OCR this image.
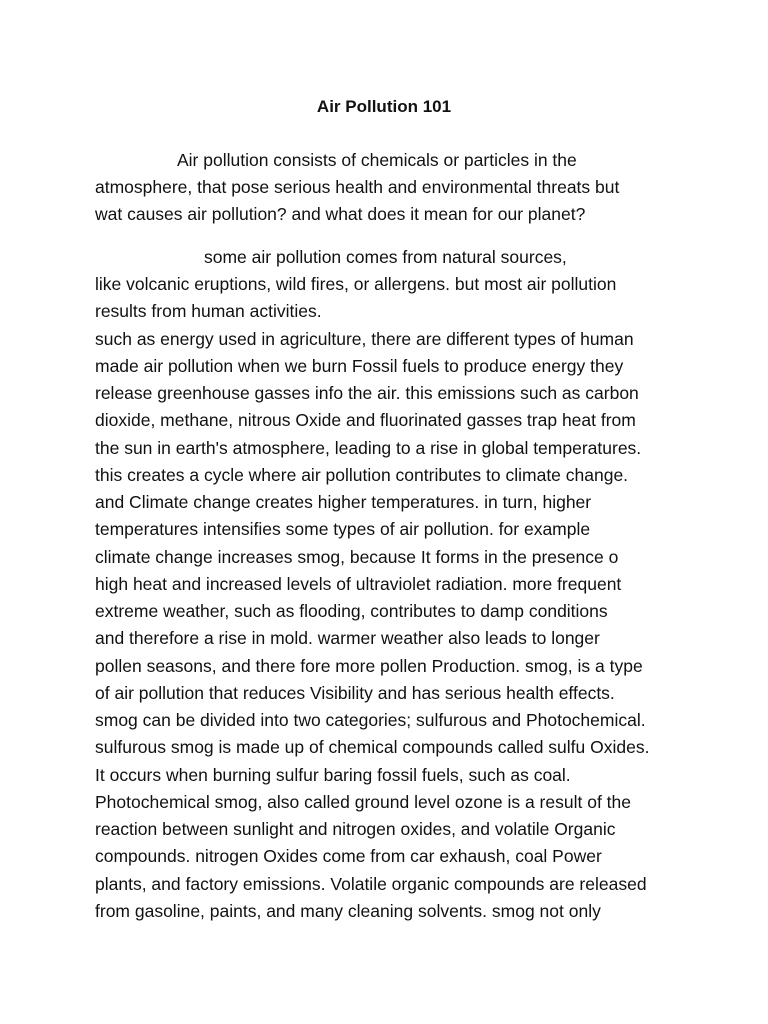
Air Pollution 101
Air pollution consists of chemicals or particles in the
atmosphere, that pose serious health and environmental threats but
wat causes air pollution? and what does it mean for our planet?
some air pollution comes from natural sources,
like volcanic eruptions, wild fires, or allergens. but most air pollution
results from human activities.
such as energy used in agriculture, there are different types of human
made air pollution when we burn Fossil fuels to produce energy they
release greenhouse gasses info the air. this emissions such as carbon
dioxide, methane, nitrous Oxide and fluorinated gasses trap heat from
the sun in earth's atmosphere, leading to a rise in global temperatures.
this creates a cycle where air pollution contributes to climate change.
and Climate change creates higher temperatures. in turn, higher
temperatures intensifies some types of air pollution. for example
climate change increases smog, because It forms in the presence o
high heat and increased levels of ultraviolet radiation. more frequent
extreme weather, such as flooding, contributes to damp conditions
and therefore a rise in mold. warmer weather also leads to longer
pollen seasons, and there fore more pollen Production. smog, is a type
of air pollution that reduces Visibility and has serious health effects.
smog can be divided into two categories; sulfurous and Photochemical.
sulfurous smog is made up of chemical compounds called sulfu Oxides.
It occurs when burning sulfur baring fossil fuels, such as coal.
Photochemical smog, also called ground level ozone is a result of the
reaction between sunlight and nitrogen oxides, and volatile Organic
compounds. nitrogen Oxides come from car exhaush, coal Power
plants, and factory emissions. Volatile organic compounds are released
from gasoline, paints, and many cleaning solvents. smog not only
